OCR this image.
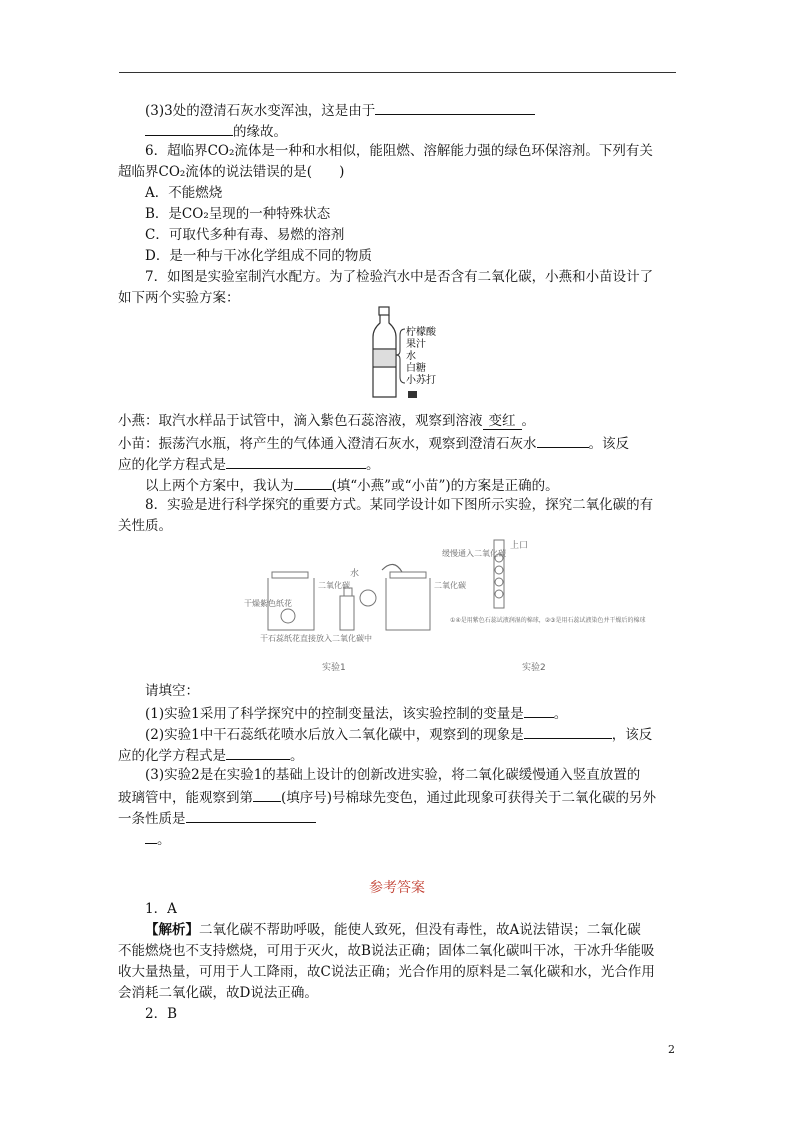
(3)3处的澄清石灰水变浑浊，这是由于
的缘故。
6．超临界CO₂流体是一种和水相似，能阻燃、溶解能力强的绿色环保溶剂。下列有关
超临界CO₂流体的说法错误的是(　　)
A．不能燃烧
B．是CO₂呈现的一种特殊状态
C．可取代多种有毒、易燃的溶剂
D．是一种与干冰化学组成不同的物质
7．如图是实验室制汽水配方。为了检验汽水中是否含有二氧化碳，小燕和小苗设计了
如下两个实验方案：
柠檬酸
果汁
水
白糖
小苏打
小燕：取汽水样品于试管中，滴入紫色石蕊溶液，观察到溶液 变红 。
小苗：振荡汽水瓶，将产生的气体通入澄清石灰水，观察到澄清石灰水	。该反
应的化学方程式是	。
以上两个方案中，我认为	(填“小燕”或“小苗”)的方案是正确的。
8．实验是进行科学探究的重要方式。某同学设计如下图所示实验，探究二氧化碳的有
关性质。
干燥紫色纸花
二氧化碳
水
二氧化碳
干石蕊纸花直接放入二氧化碳中
实验1
上口
缓慢通入二氧化碳
①④是用紫色石蕊试液润湿的棉球，②③是用石蕊试液染色并干燥后的棉球
实验2
请填空：
(1)实验1采用了科学探究中的控制变量法，该实验控制的变量是 。
(2)实验1中干石蕊纸花喷水后放入二氧化碳中，观察到的现象是	，该反
应的化学方程式是	。
(3)实验2是在实验1的基础上设计的创新改进实验，将二氧化碳缓慢通入竖直放置的
玻璃管中，能观察到第 (填序号)号棉球先变色，通过此现象可获得关于二氧化碳的另外
一条性质是
。
参考答案
1．A
【解析】二氧化碳不帮助呼吸，能使人致死，但没有毒性，故A说法错误；二氧化碳
不能燃烧也不支持燃烧，可用于灭火，故B说法正确；固体二氧化碳叫干冰，干冰升华能吸
收大量热量，可用于人工降雨，故C说法正确；光合作用的原料是二氧化碳和水，光合作用
会消耗二氧化碳，故D说法正确。
2．B
2
